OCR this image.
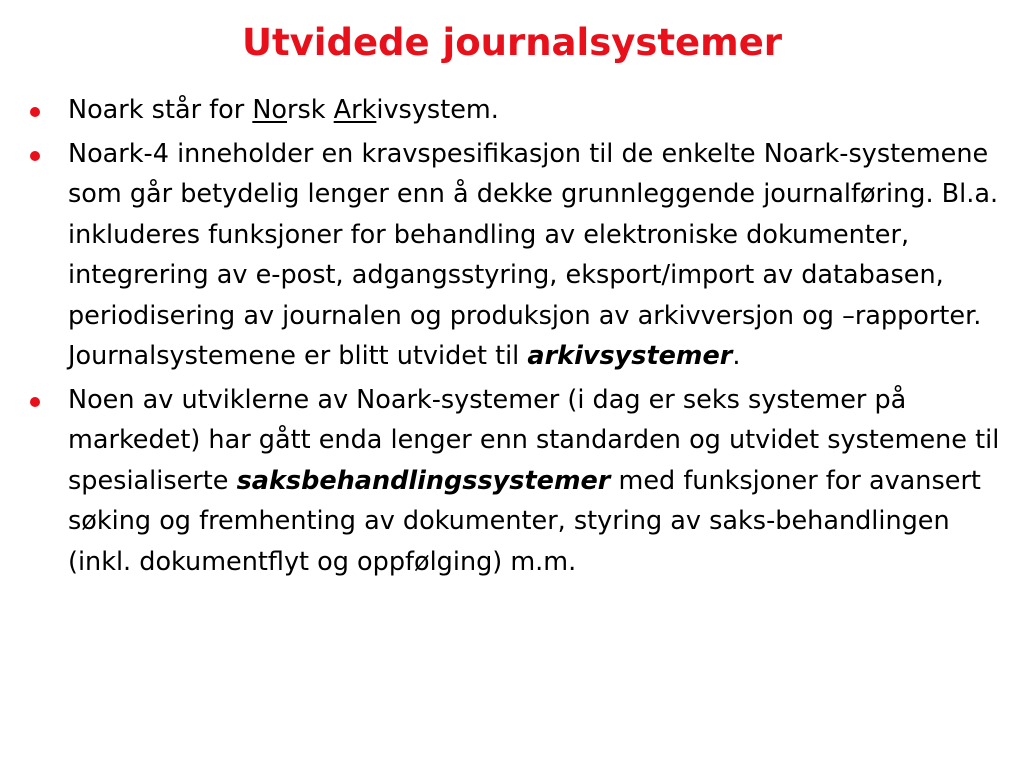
Utvidede journalsystemer
Noark står for Norsk Arkivsystem.
Noark-4 inneholder en kravspesifikasjon til de enkelte Noark-systemene som går betydelig lenger enn å dekke grunnleggende journalføring. Bl.a. inkluderes funksjoner for behandling av elektroniske dokumenter, integrering av e-post, adgangsstyring, eksport/import av databasen, periodisering av journalen og produksjon av arkivversjon og –rapporter. Journalsystemene er blitt utvidet til arkivsystemer.
Noen av utviklerne av Noark-systemer (i dag er seks systemer på markedet) har gått enda lenger enn standarden og utvidet systemene til spesialiserte saksbehandlingssystemer med funksjoner for avansert søking og fremhenting av dokumenter, styring av saks-behandlingen (inkl. dokumentflyt og oppfølging) m.m.
